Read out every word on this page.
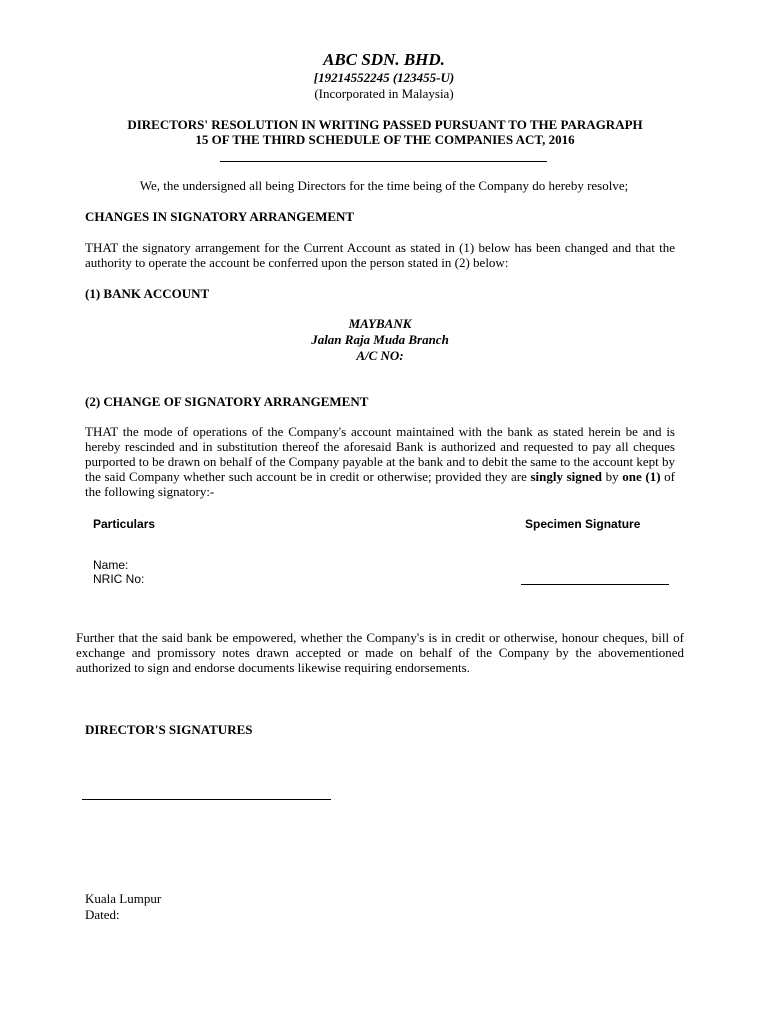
ABC SDN. BHD.
[19214552245 (123455-U)
(Incorporated in Malaysia)
DIRECTORS' RESOLUTION IN WRITING PASSED PURSUANT TO THE PARAGRAPH
15 OF THE THIRD SCHEDULE OF THE COMPANIES ACT, 2016
We, the undersigned all being Directors for the time being of the Company do hereby resolve;
CHANGES IN SIGNATORY ARRANGEMENT
THAT the signatory arrangement for the Current Account as stated in (1) below has been changed and that the authority to operate the account be conferred upon the person stated in (2) below:
(1) BANK ACCOUNT
MAYBANK
Jalan Raja Muda Branch
A/C NO:
(2) CHANGE OF SIGNATORY ARRANGEMENT
THAT the mode of operations of the Company's account maintained with the bank as stated herein be and is hereby rescinded and in substitution thereof the aforesaid Bank is authorized and requested to pay all cheques purported to be drawn on behalf of the Company payable at the bank and to debit the same to the account kept by the said Company whether such account be in credit or otherwise; provided they are singly signed by one (1) of the following signatory:-
Particulars	Specimen Signature
Name:
NRIC No:
Further that the said bank be empowered, whether the Company's is in credit or otherwise, honour cheques, bill of exchange and promissory notes drawn accepted or made on behalf of the Company by the abovementioned authorized to sign and endorse documents likewise requiring endorsements.
DIRECTOR'S SIGNATURES
Kuala Lumpur
Dated:
